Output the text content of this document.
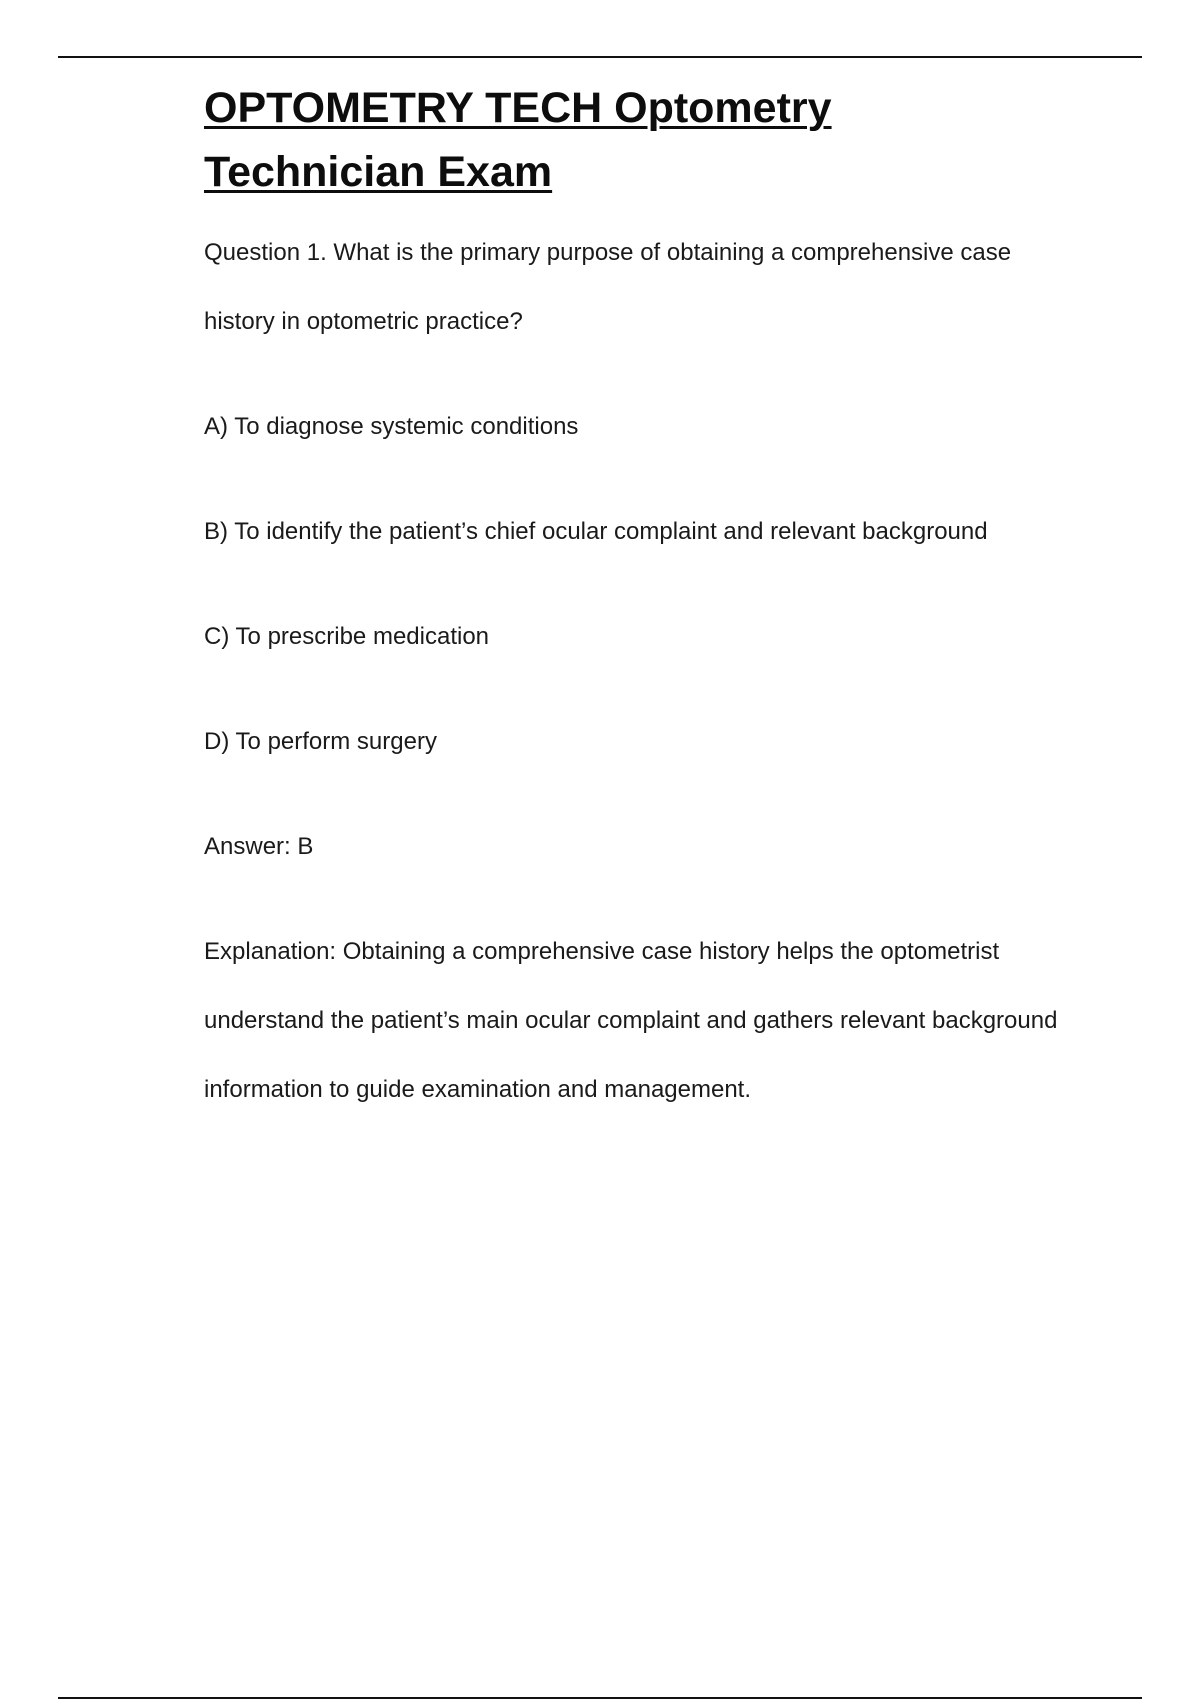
OPTOMETRY TECH Optometry Technician Exam

Question 1. What is the primary purpose of obtaining a comprehensive case history in optometric practice?

A) To diagnose systemic conditions

B) To identify the patient’s chief ocular complaint and relevant background

C) To prescribe medication

D) To perform surgery

Answer: B

Explanation: Obtaining a comprehensive case history helps the optometrist understand the patient’s main ocular complaint and gathers relevant background information to guide examination and management.
